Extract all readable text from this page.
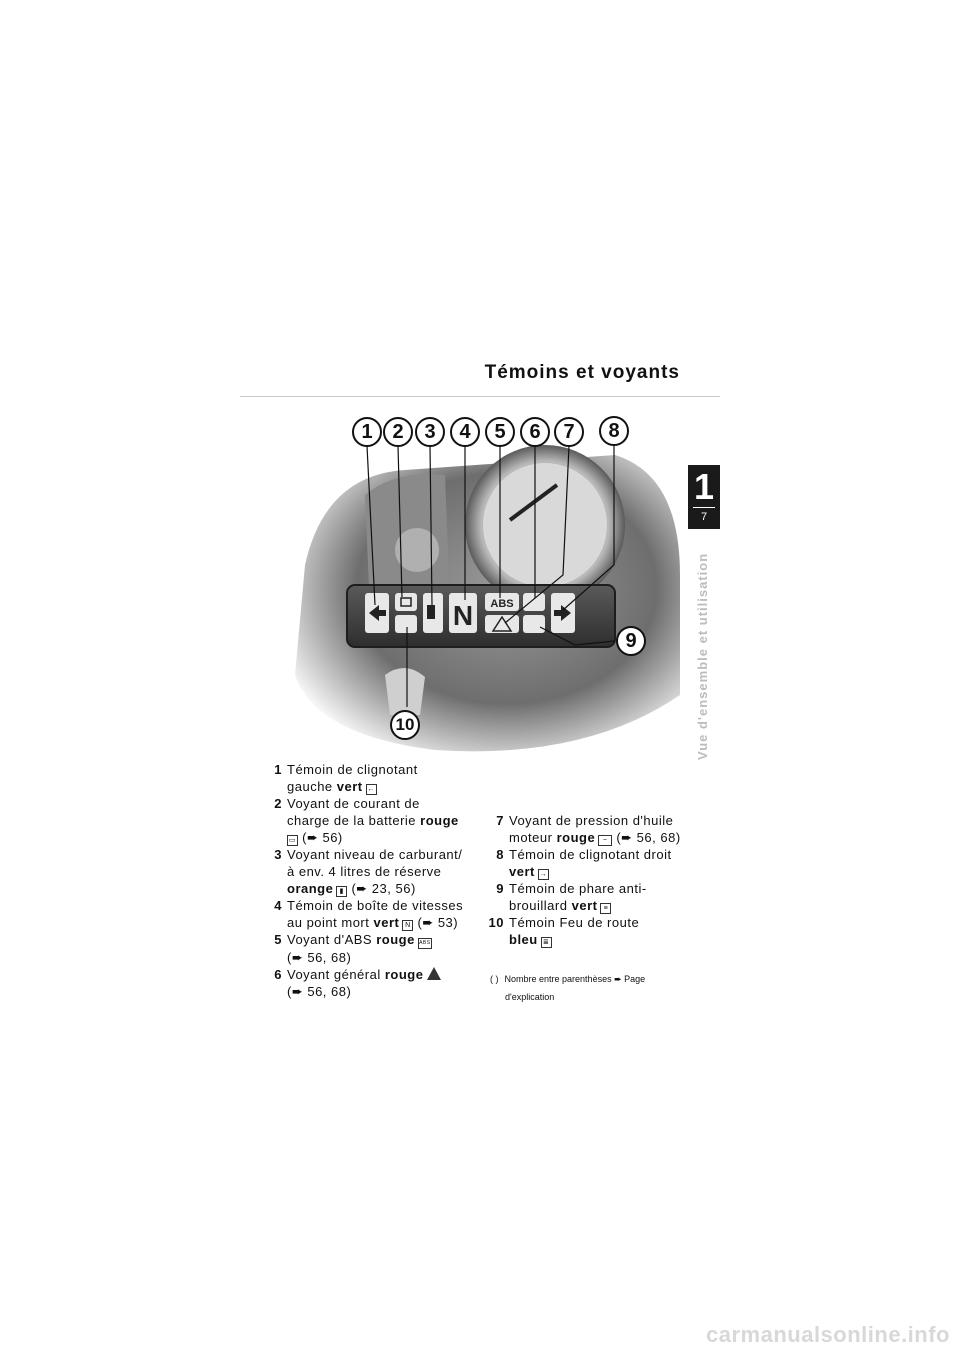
Témoins et voyants
1
7
Vue d'ensemble et utilisation
N ABS
1 2	3	4	5	6	7	8
9
10
1 Témoin de clignotant
gauche vert ←
2 Voyant de courant de
charge de la batterie rouge
▭ (➨ 56)
3 Voyant niveau de carburant/
à env. 4 litres de réserve
orange ▮ (➨ 23, 56)
4 Témoin de boîte de vitesses
au point mort vert N (➨ 53)
5 Voyant d'ABS rouge ABS
(➨ 56, 68)
6 Voyant général rouge
(➨ 56, 68)
7 Voyant de pression d'huile
moteur rouge ~ (➨ 56, 68)
8 Témoin de clignotant droit
vert →
9 Témoin de phare anti-
brouillard vert ≡
10 Témoin Feu de route
bleu ≣
( ) Nombre entre parenthèses ➨ Page
d'explication
carmanualsonline.info
